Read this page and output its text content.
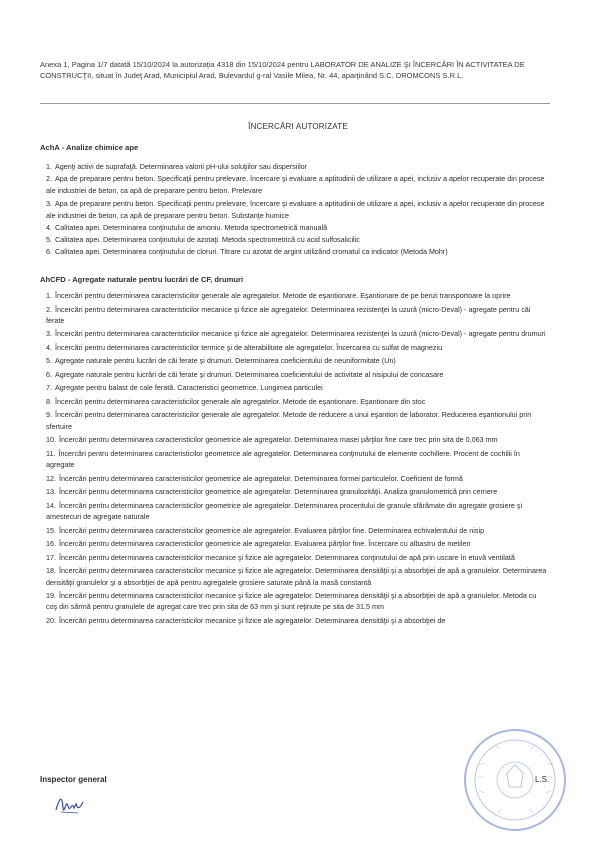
Anexa 1, Pagina 1/7 datată 15/10/2024 la autorizația 4318 din 15/10/2024 pentru LABORATOR DE ANALIZE ŞI ÎNCERCĂRI ÎN ACTIVITATEA DE CONSTRUCŢII, situat în Judeţ Arad, Municipiul Arad, Bulevardul g-ral Vasile Milea, Nr. 44, aparţinând S.C. DROMCONS S.R.L.
ÎNCERCĂRI AUTORIZATE
AchA - Analize chimice ape
1. Agenţi activi de suprafaţă. Determinarea valorii pH-ului soluţiilor sau dispersiilor
2. Apa de preparare pentru beton. Specificaţii pentru prelevare, încercare şi evaluare a aptitudinii de utilizare a apei, inclusiv a apelor recuperate din procese ale industriei de beton, ca apă de preparare pentru beton. Prelevare
3. Apa de preparare pentru beton. Specificaţii pentru prelevare, încercare şi evaluare a aptitudinii de utilizare a apei, inclusiv a apelor recuperate din procese ale industriei de beton, ca apă de preparare pentru beton. Substanţe humice
4. Calitatea apei. Determinarea conţinutului de amoniu. Metoda spectrometrică manuală
5. Calitatea apei. Determinarea conţinutului de azotaţi. Metoda spectrometrică cu acid sulfosalicilic
6. Calitatea apei. Determinarea conţinutului de cloruri. Titrare cu azotat de argint utilizând cromatul ca indicator (Metoda Mohr)
AhCFD - Agregate naturale pentru lucrări de CF, drumuri
1. Încercări pentru determinarea caracteristicilor generale ale agregatelor. Metode de eşantionare. Eşantionare de pe benzi transportoare la oprire
2. Încercări pentru determinarea caracteristicilor mecanice şi fizice ale agregatelor. Determinarea rezistenţei la uzură (micro-Deval) - agregate pentru căi ferate
3. Încercări pentru determinarea caracteristicilor mecanice şi fizice ale agregatelor. Determinarea rezistenţei la uzură (micro-Deval) - agregate pentru drumuri
4. Încercări pentru determinarea caracteristicilor termice şi de alterabilitate ale agregatelor. Încercarea cu sulfat de magneziu
5. Agregate naturale pentru lucrări de căi ferate şi drumuri. Determinarea coeficientului de neuniformitate (Un)
6. Agregate naturale pentru lucrări de căi ferate şi drumuri. Determinarea coeficientului de activitate al nisipului de concasare
7. Agregate pentru balast de cale ferată. Caracteristici geometrice. Lungimea particulei
8. Încercări pentru determinarea caracteristicilor generale ale agregatelor. Metode de eşantionare. Eşantionare din stoc
9. Încercări pentru determinarea caracteristicilor generale ale agregatelor. Metode de reducere a unui eşantion de laborator. Reducerea eşantionului prin sfertuire
10. Încercări pentru determinarea caracteristicilor geometrice ale agregatelor. Determinarea masei părţilor fine care trec prin sita de 0,063 mm
11. Încercări pentru determinarea caracteristicilor geometrice ale agregatelor. Determinarea conţinutului de elemente cochillere. Procent de cochilii în agregate
12. Încercări pentru determinarea caracteristicilor geometrice ale agregatelor. Determinarea formei particulelor. Coeficient de formă
13. Încercări pentru determinarea caracteristicilor geometrice ale agregatelor. Determinarea granulozităţii. Analiza granulometrică prin cernere
14. Încercări pentru determinarea caracteristicilor geometrice ale agregatelor. Determinarea procentului de granule sfărâmate din agregate grosiere şi amestecuri de agregate naturale
15. Încercări pentru determinarea caracteristicilor geometrice ale agregatelor. Evaluarea părţilor fine. Determinarea echivalentului de nisip
16. Încercări pentru determinarea caracteristicilor geometrice ale agregatelor. Evaluarea părţilor fine. Încercare cu albastru de metilen
17. Încercări pentru determinarea caracteristicilor mecanice şi fizice ale agregatelor. Determinarea conţinutului de apă prin uscare în etuvă ventilată
18. Încercări pentru determinarea caracteristicilor mecanice şi fizice ale agregatelor. Determinarea densităţii şi a absorbţiei de apă a granulelor. Determinarea densităţii granulelor şi a absorbţiei de apă pentru agregatele grosiere saturate până la masă constantă
19. Încercări pentru determinarea caracteristicilor mecanice şi fizice ale agregatelor. Determinarea densităţii şi a absorbţiei de apă a granulelor. Metoda cu coş din sârmă pentru granulele de agregat care trec prin sita de 63 mm şi sunt reţinute pe sita de 31,5 mm
20. Încercări pentru determinarea caracteristicilor mecanice şi fizice ale agregatelor. Determinarea densităţii şi a absorbţiei de
Inspector general	L.S.
